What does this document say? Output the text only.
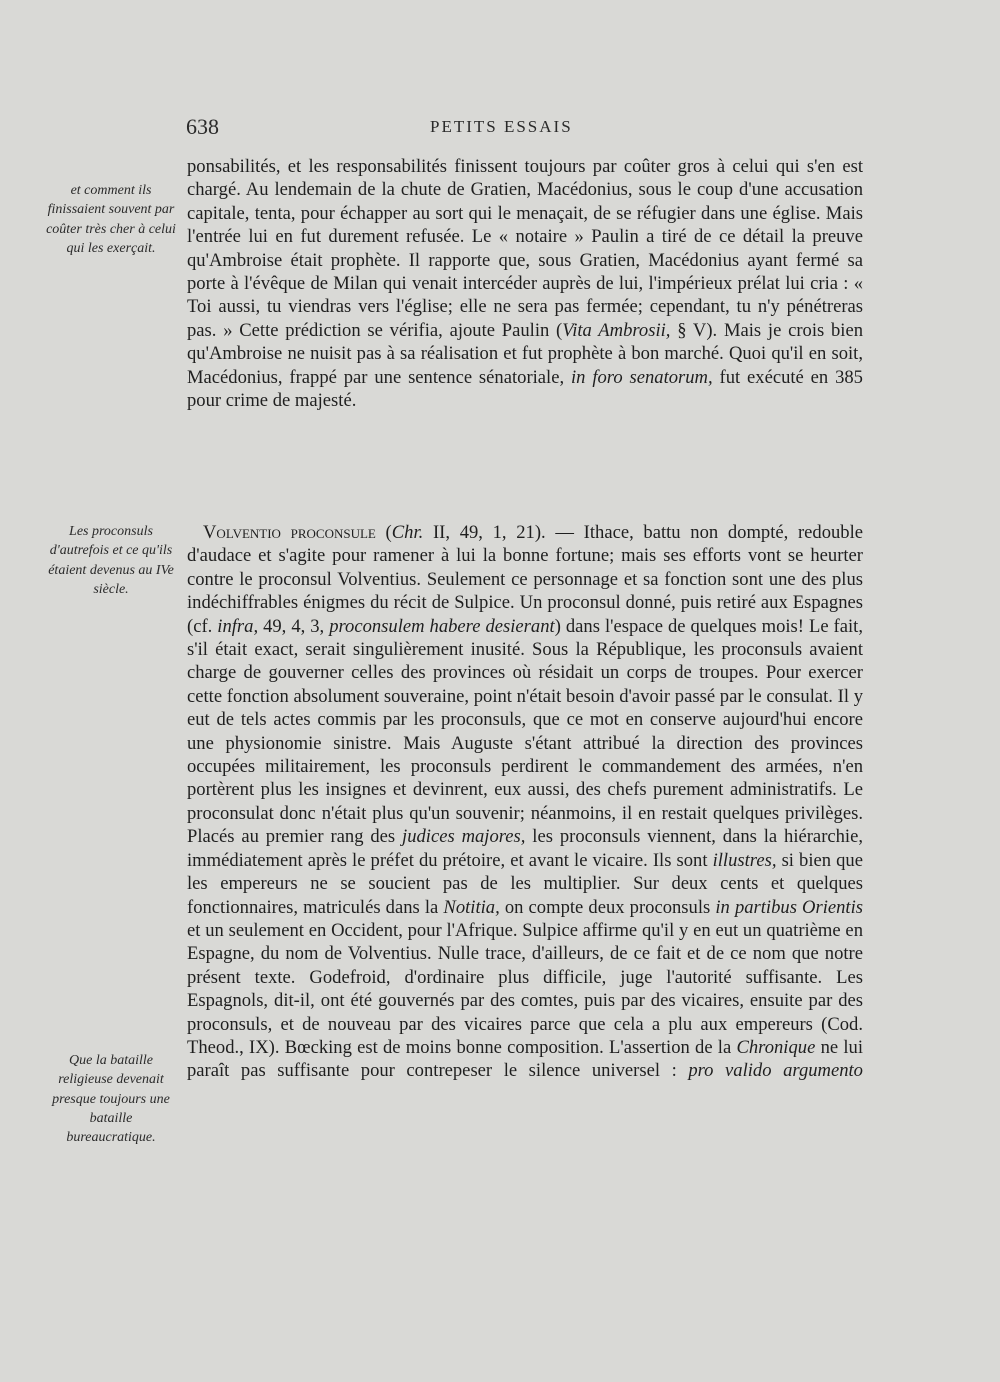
638	PETITS ESSAIS
et comment ils finissaient souvent par coûter très cher à celui qui les exerçait.
Les proconsuls d'autrefois et ce qu'ils étaient devenus au IVe siècle.
Que la bataille religieuse devenait presque toujours une bataille bureaucratique.
ponsabilités, et les responsabilités finissent toujours par coûter gros à celui qui s'en est chargé. Au lendemain de la chute de Gratien, Macédonius, sous le coup d'une accusation capitale, tenta, pour échapper au sort qui le menaçait, de se réfugier dans une église. Mais l'entrée lui en fut durement refusée. Le « notaire » Paulin a tiré de ce détail la preuve qu'Ambroise était prophète. Il rapporte que, sous Gratien, Macédonius ayant fermé sa porte à l'évêque de Milan qui venait intercéder auprès de lui, l'impérieux prélat lui cria : « Toi aussi, tu viendras vers l'église; elle ne sera pas fermée; cependant, tu n'y pénétreras pas. » Cette prédiction se vérifia, ajoute Paulin (Vita Ambrosii, § V). Mais je crois bien qu'Ambroise ne nuisit pas à sa réalisation et fut prophète à bon marché. Quoi qu'il en soit, Macédonius, frappé par une sentence sénatoriale, in foro senatorum, fut exécuté en 385 pour crime de majesté.
Volventio proconsule (Chr. II, 49, 1, 21). — Ithace, battu non dompté, redouble d'audace et s'agite pour ramener à lui la bonne fortune; mais ses efforts vont se heurter contre le proconsul Volventius. Seulement ce personnage et sa fonction sont une des plus indéchiffrables énigmes du récit de Sulpice. Un proconsul donné, puis retiré aux Espagnes (cf. infra, 49, 4, 3, proconsulem habere desierant) dans l'espace de quelques mois! Le fait, s'il était exact, serait singulièrement inusité. Sous la République, les proconsuls avaient charge de gouverner celles des provinces où résidait un corps de troupes. Pour exercer cette fonction absolument souveraine, point n'était besoin d'avoir passé par le consulat. Il y eut de tels actes commis par les proconsuls, que ce mot en conserve aujourd'hui encore une physionomie sinistre. Mais Auguste s'étant attribué la direction des provinces occupées militairement, les proconsuls perdirent le commandement des armées, n'en portèrent plus les insignes et devinrent, eux aussi, des chefs purement administratifs. Le proconsulat donc n'était plus qu'un souvenir; néanmoins, il en restait quelques privilèges. Placés au premier rang des judices majores, les proconsuls viennent, dans la hiérarchie, immédiatement après le préfet du prétoire, et avant le vicaire. Ils sont illustres, si bien que les empereurs ne se soucient pas de les multiplier. Sur deux cents et quelques fonctionnaires, matriculés dans la Notitia, on compte deux proconsuls in partibus Orientis et un seulement en Occident, pour l'Afrique. Sulpice affirme qu'il y en eut un quatrième en Espagne, du nom de Volventius. Nulle trace, d'ailleurs, de ce fait et de ce nom que notre présent texte. Godefroid, d'ordinaire plus difficile, juge l'autorité suffisante. Les Espagnols, dit-il, ont été gouvernés par des comtes, puis par des vicaires, ensuite par des proconsuls, et de nouveau par des vicaires parce que cela a plu aux empereurs (Cod. Theod., IX). Bœcking est de moins bonne composition. L'assertion de la Chronique ne lui paraît pas suffisante pour contrepeser le silence universel : pro valido argumento
